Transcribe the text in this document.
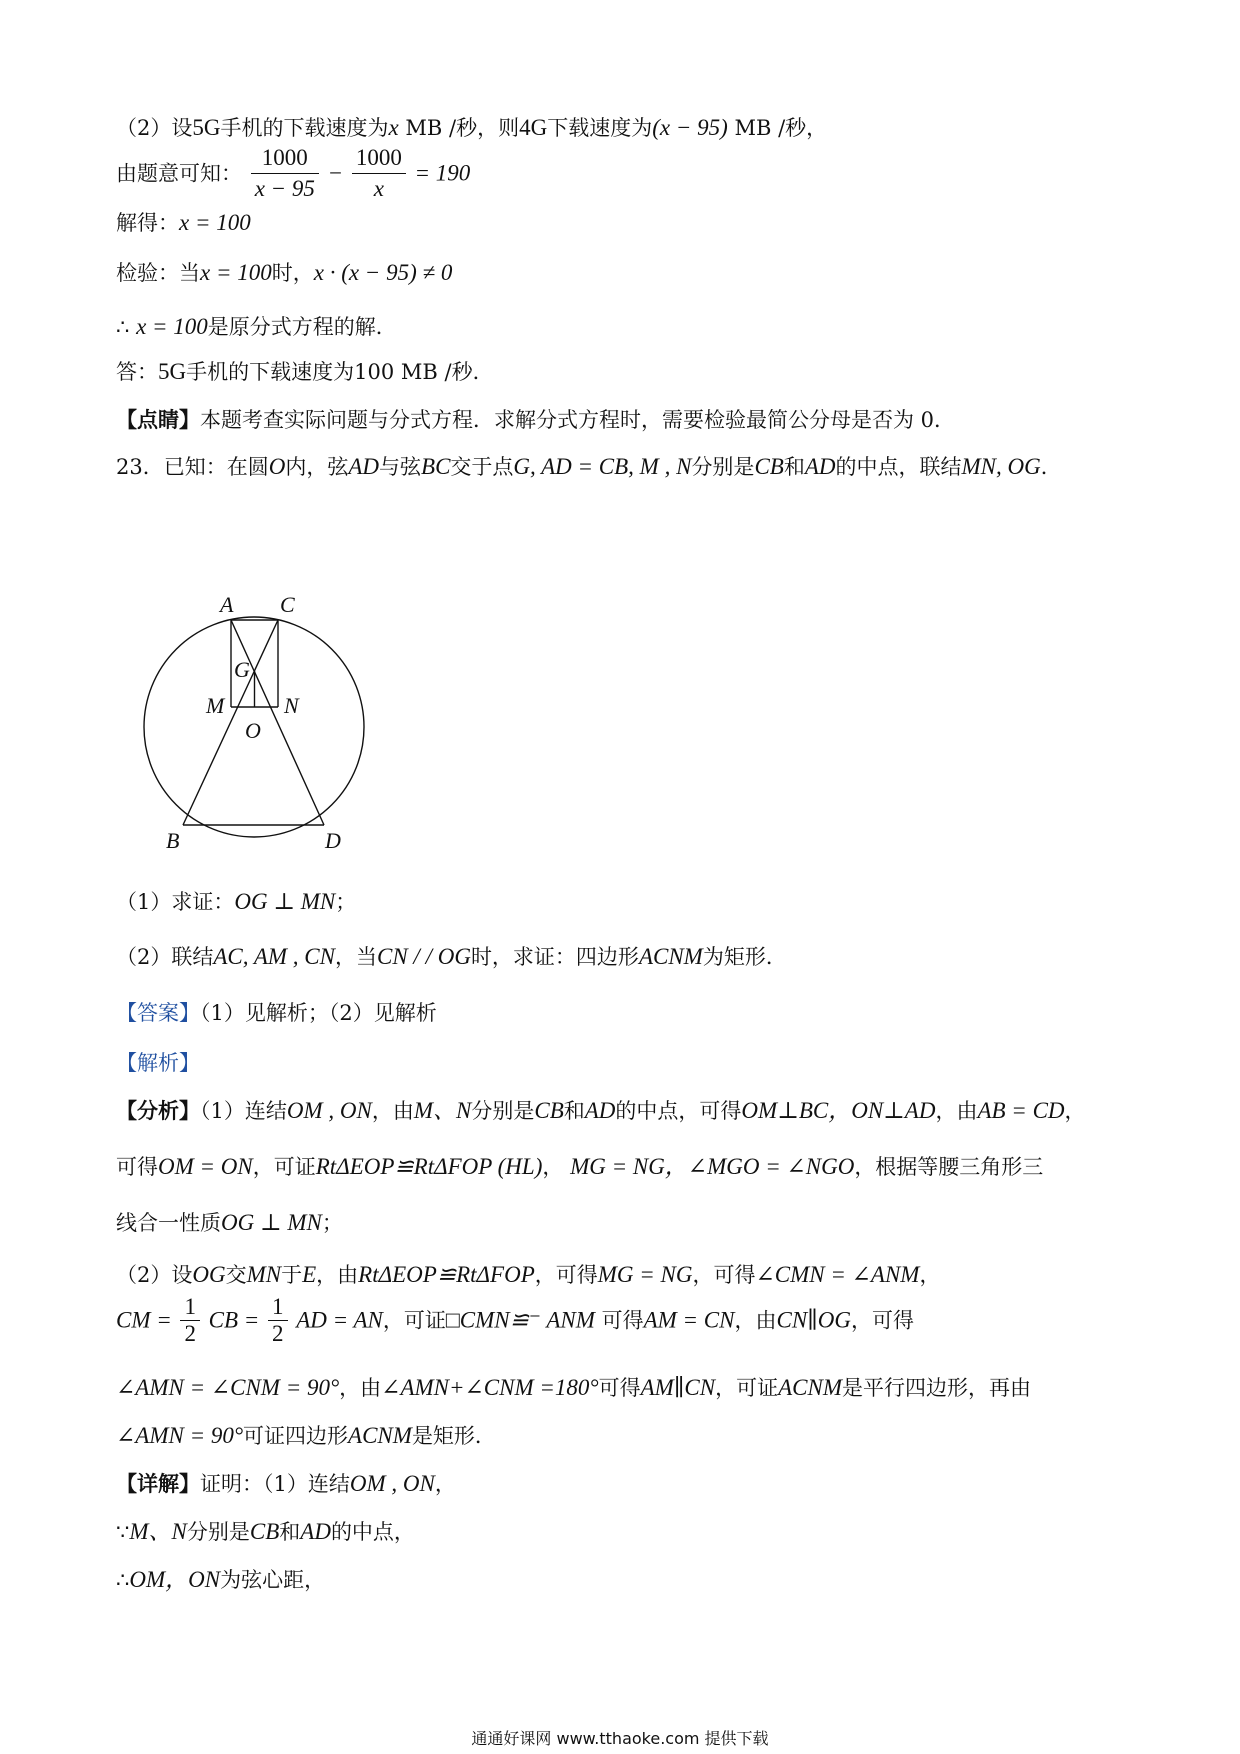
（2）设5G手机的下载速度为x MB /秒，则4G下载速度为(x − 95) MB /秒，
由题意可知： $\frac{1000}{x - 95} - \frac{1000}{x} = 190$
解得：x = 100
检验：当x = 100时，x · (x − 95) ≠ 0
∴ x = 100是原分式方程的解．
答：5G手机的下载速度为100 MB /秒．
【点睛】本题考查实际问题与分式方程．求解分式方程时，需要检验最简公分母是否为 0．
23．已知：在圆O内，弦AD与弦BC交于点G, AD = CB, M , N分别是CB和AD的中点，联结MN, OG．
A C
G
M	N
O
B	D
（1）求证：OG ⊥ MN；
（2）联结AC, AM , CN，当CN / / OG时，求证：四边形ACNM为矩形．
【答案】（1）见解析；（2）见解析
【解析】
【分析】（1）连结OM , ON，由M、N分别是CB和AD的中点，可得OM⊥BC，ON⊥AD，由AB = CD，
可得OM = ON，可证RtΔEOP≌RtΔFOP (HL)， MG = NG，∠MGO = ∠NGO，根据等腰三角形三
线合一性质OG ⊥ MN；
（2）设OG交MN于E，由RtΔEOP≌RtΔFOP，可得MG = NG，可得∠CMN = ∠ANM，
CM = $\frac{1}{2}$ CB = $\frac{1}{2}$ AD = AN，可证□CMN≌⁻ ANM 可得AM = CN，由CN∥OG，可得
∠AMN = ∠CNM = 90°，由∠AMN+∠CNM =180°可得AM∥CN，可证ACNM是平行四边形，再由
∠AMN = 90°可证四边形ACNM是矩形．
【详解】证明：（1）连结OM , ON，
∵M、N分别是CB和AD的中点，
∴OM，ON为弦心距，
通通好课网 www.tthaoke.com 提供下载
